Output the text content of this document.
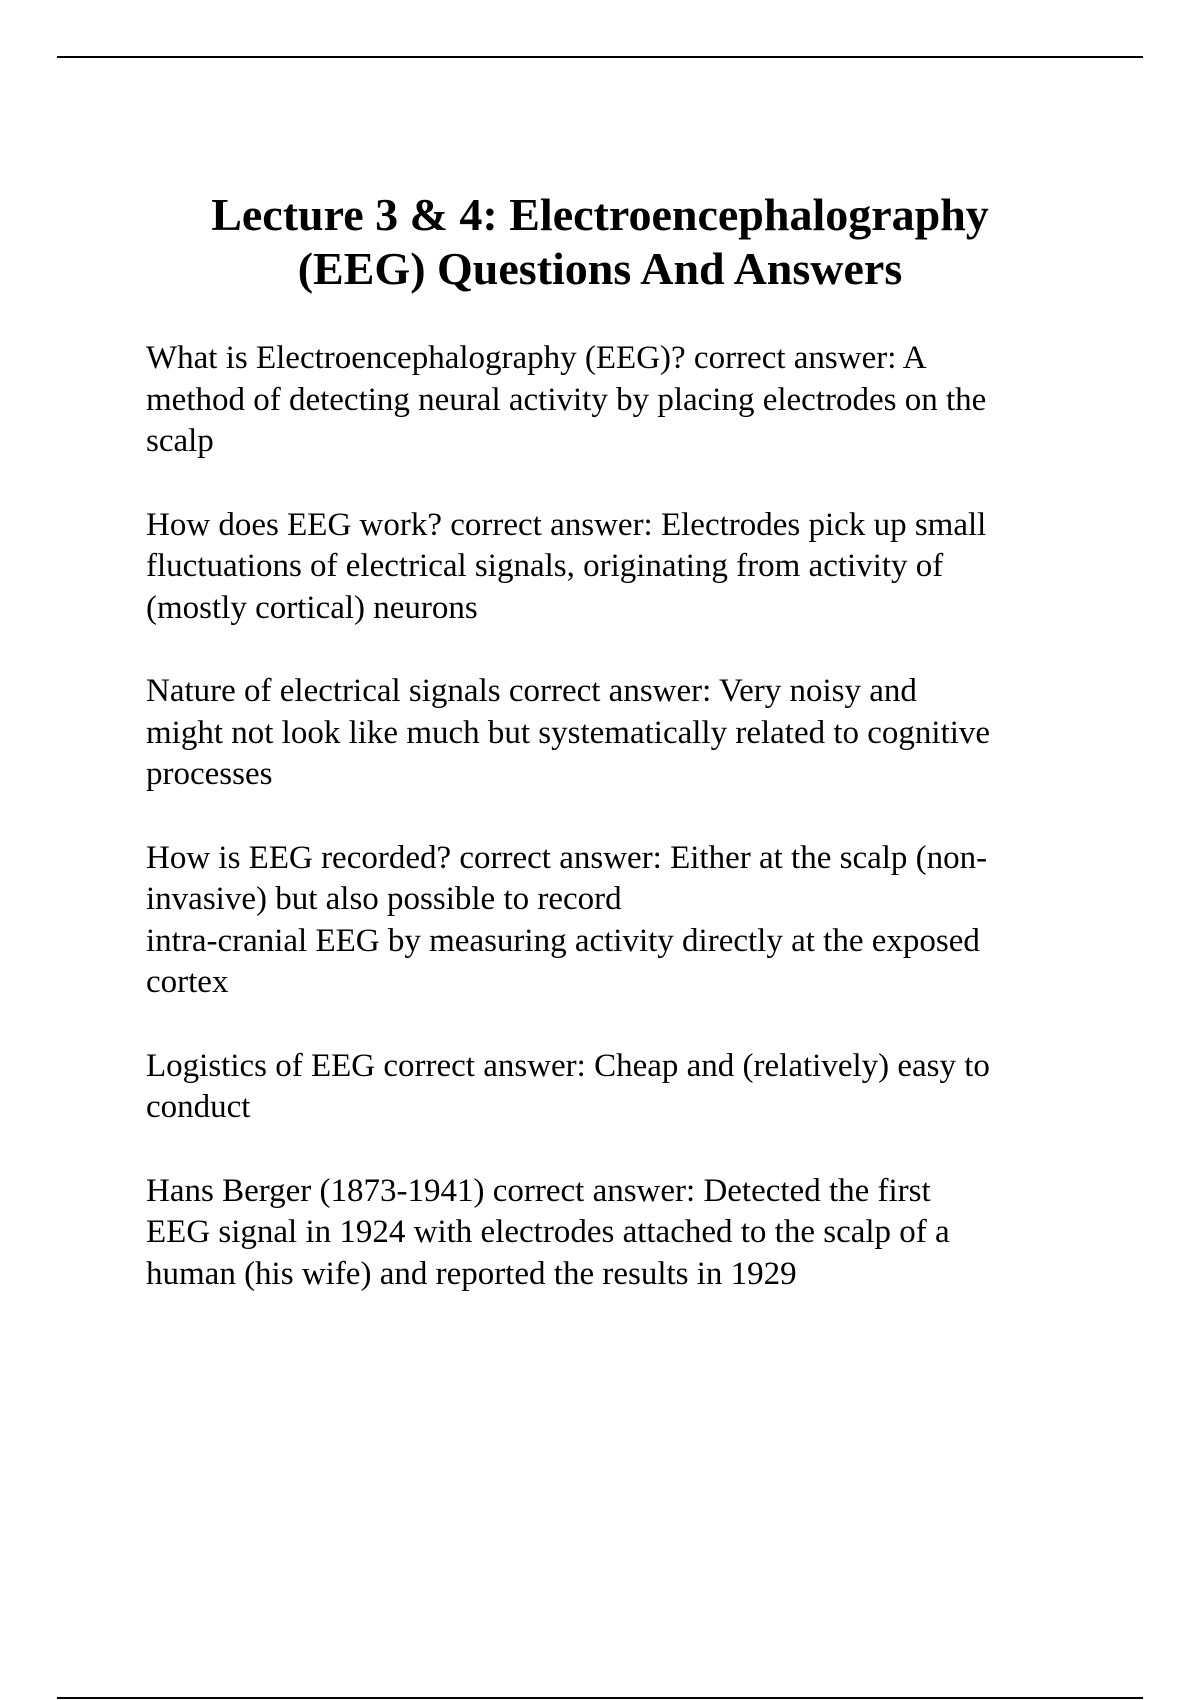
Lecture 3 & 4: Electroencephalography
(EEG) Questions And Answers
What is Electroencephalography (EEG)? correct answer: A
method of detecting neural activity by placing electrodes on the
scalp
How does EEG work? correct answer: Electrodes pick up small
fluctuations of electrical signals, originating from activity of
(mostly cortical) neurons
Nature of electrical signals correct answer: Very noisy and
might not look like much but systematically related to cognitive
processes
How is EEG recorded? correct answer: Either at the scalp (non-
invasive) but also possible to record
intra-cranial EEG by measuring activity directly at the exposed
cortex
Logistics of EEG correct answer: Cheap and (relatively) easy to
conduct
Hans Berger (1873-1941) correct answer: Detected the first
EEG signal in 1924 with electrodes attached to the scalp of a
human (his wife) and reported the results in 1929
